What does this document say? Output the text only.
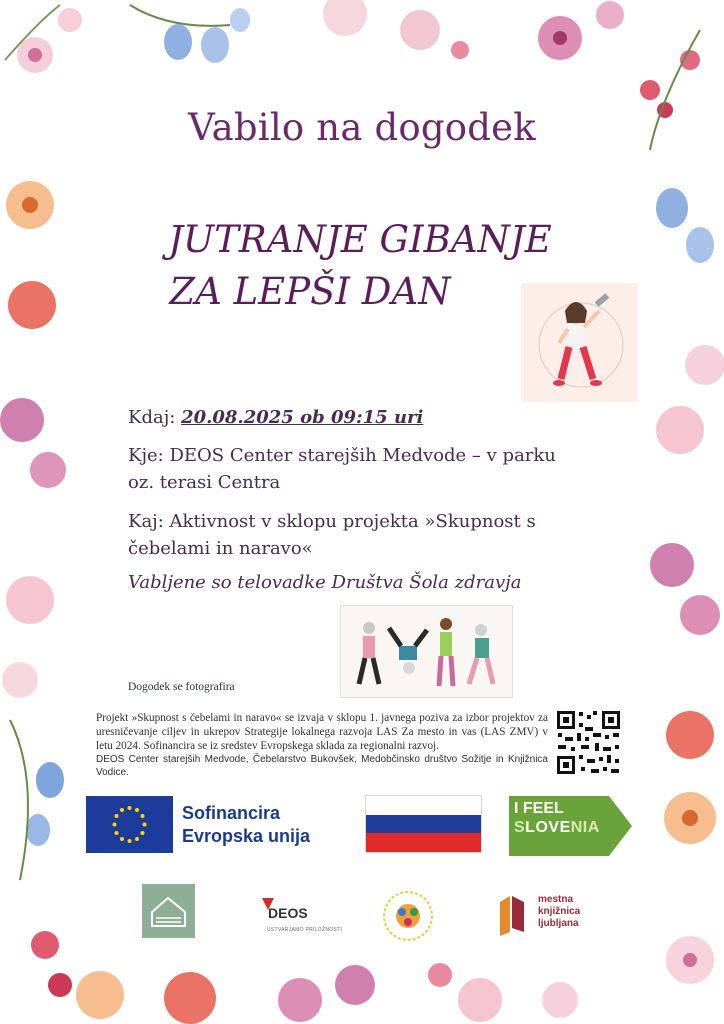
Vabilo na dogodek
JUTRANJE GIBANJE
ZA LEPŠI DAN
Kdaj: 20.08.2025 ob 09:15 uri
Kje: DEOS Center starejših Medvode – v parku
oz. terasi Centra
Kaj: Aktivnost v sklopu projekta »Skupnost s
čebelami in naravo«
Vabljene so telovadke Društva Šola zdravja
Dogodek se fotografira
Projekt »Skupnost s čebelami in naravo« se izvaja v sklopu 1. javnega poziva za izbor projektov za uresničevanje ciljev in ukrepov Strategije lokalnega razvoja LAS Za mesto in vas (LAS ZMV) v letu 2024. Sofinancira se iz sredstev Evropskega sklada za regionalni razvoj.
DEOS Center starejših Medvode, Čebelarstvo Bukovšek, Medobčinsko društvo Sožitje in Knjižnica Vodice.
Sofinancira
Evropska unija
I FEEL
SLOVENIA
DEOS
USTVARJAMO PRILOŽNOSTI
mestna
knjižnica
ljubljana
